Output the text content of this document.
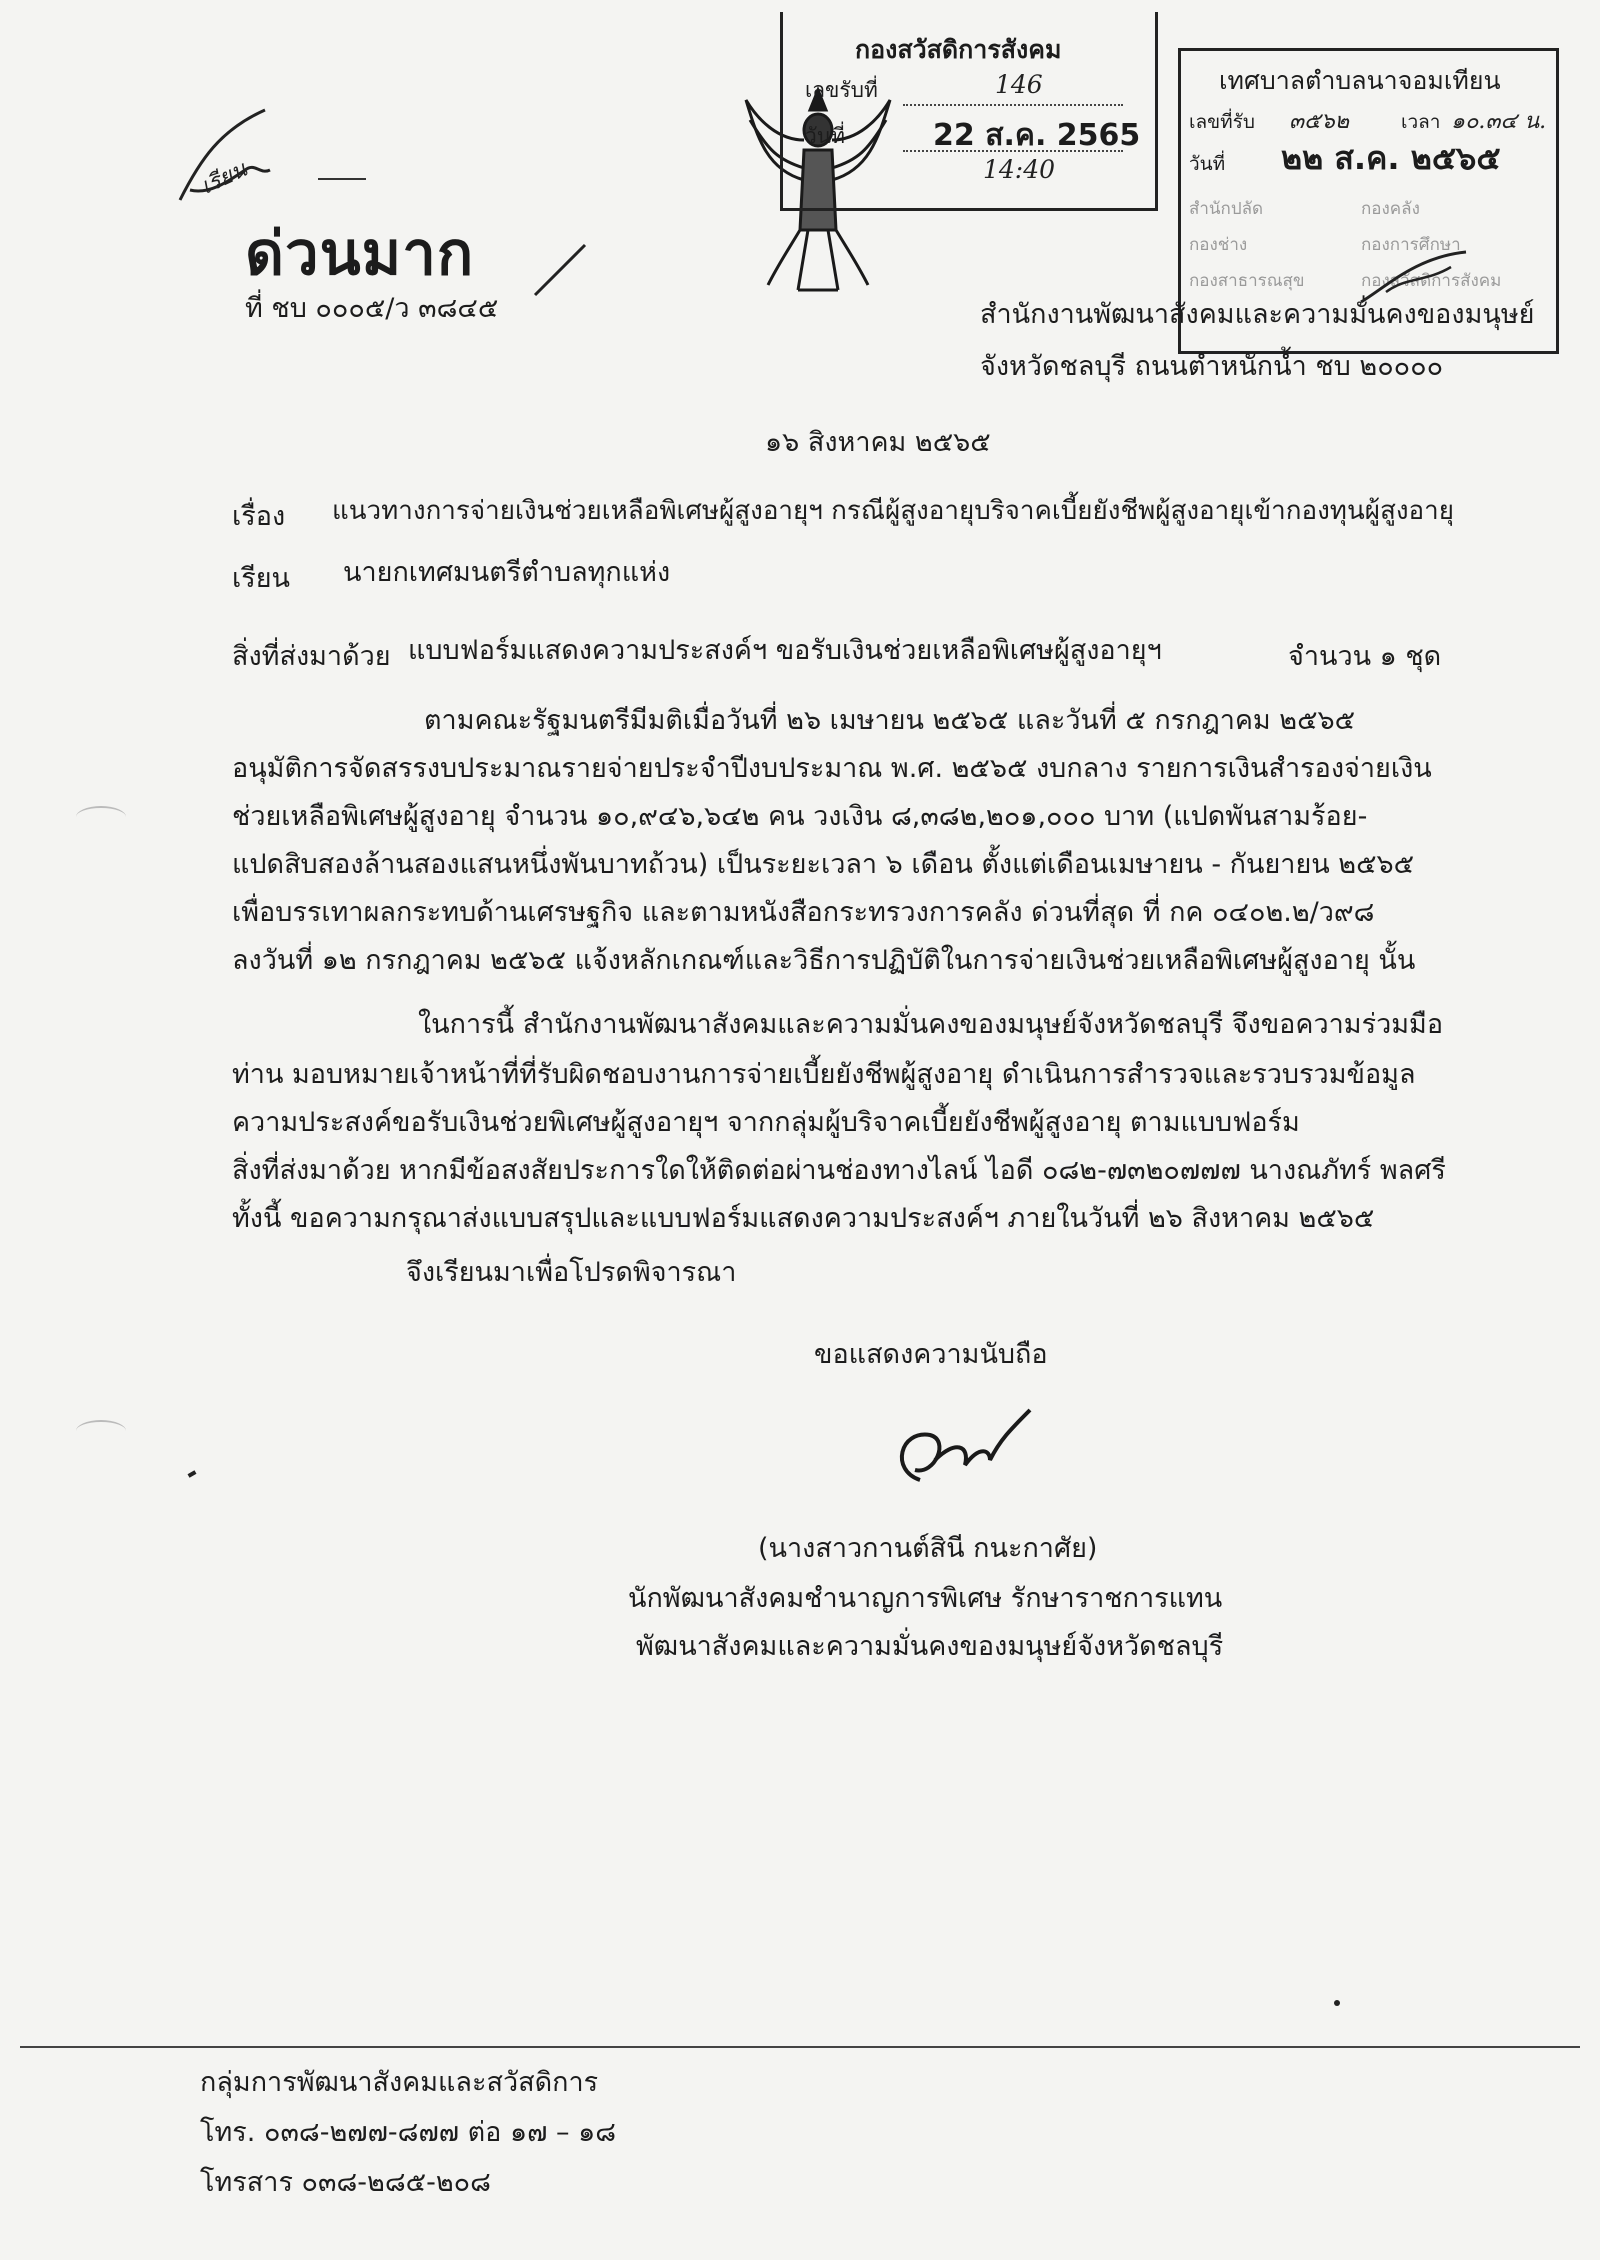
เรียน
ด่วนมาก
ที่ ชบ ๐๐๐๕/ว ๓๘๔๕
กองสวัสดิการสังคม
เลขรับที่	146
วันที่	22 ส.ค. 2565
14:40
เทศบาลตำบลนาจอมเทียน
เลขที่รับ ๓๕๖๒	เวลา ๑๐.๓๔ น.
วันที่ ๒๒ ส.ค. ๒๕๖๕
สำนักปลัด	กองคลัง
กองช่าง	กองการศึกษา
กองสาธารณสุข	กองสวัสดิการสังคม
สำนักงานพัฒนาสังคมและความมั่นคงของมนุษย์
จังหวัดชลบุรี ถนนตำหนักน้ำ ชบ ๒๐๐๐๐
๑๖ สิงหาคม ๒๕๖๕
เรื่อง แนวทางการจ่ายเงินช่วยเหลือพิเศษผู้สูงอายุฯ กรณีผู้สูงอายุบริจาคเบี้ยยังชีพผู้สูงอายุเข้ากองทุนผู้สูงอายุ
เรียน นายกเทศมนตรีตำบลทุกแห่ง
สิ่งที่ส่งมาด้วย แบบฟอร์มแสดงความประสงค์ฯ ขอรับเงินช่วยเหลือพิเศษผู้สูงอายุฯ	จำนวน ๑ ชุด
ตามคณะรัฐมนตรีมีมติเมื่อวันที่ ๒๖ เมษายน ๒๕๖๕ และวันที่ ๕ กรกฎาคม ๒๕๖๕
อนุมัติการจัดสรรงบประมาณรายจ่ายประจำปีงบประมาณ พ.ศ. ๒๕๖๕ งบกลาง รายการเงินสำรองจ่ายเงิน
ช่วยเหลือพิเศษผู้สูงอายุ จำนวน ๑๐,๙๔๖,๖๔๒ คน วงเงิน ๘,๓๘๒,๒๐๑,๐๐๐ บาท (แปดพันสามร้อย-
แปดสิบสองล้านสองแสนหนึ่งพันบาทถ้วน) เป็นระยะเวลา ๖ เดือน ตั้งแต่เดือนเมษายน - กันยายน ๒๕๖๕
เพื่อบรรเทาผลกระทบด้านเศรษฐกิจ และตามหนังสือกระทรวงการคลัง ด่วนที่สุด ที่ กค ๐๔๐๒.๒/ว๙๘
ลงวันที่ ๑๒ กรกฎาคม ๒๕๖๕ แจ้งหลักเกณฑ์และวิธีการปฏิบัติในการจ่ายเงินช่วยเหลือพิเศษผู้สูงอายุ นั้น
ในการนี้ สำนักงานพัฒนาสังคมและความมั่นคงของมนุษย์จังหวัดชลบุรี จึงขอความร่วมมือ
ท่าน มอบหมายเจ้าหน้าที่ที่รับผิดชอบงานการจ่ายเบี้ยยังชีพผู้สูงอายุ ดำเนินการสำรวจและรวบรวมข้อมูล
ความประสงค์ขอรับเงินช่วยพิเศษผู้สูงอายุฯ จากกลุ่มผู้บริจาคเบี้ยยังชีพผู้สูงอายุ ตามแบบฟอร์ม
สิ่งที่ส่งมาด้วย หากมีข้อสงสัยประการใดให้ติดต่อผ่านช่องทางไลน์ ไอดี ๐๘๒-๗๓๒๐๗๗๗ นางณภัทร์ พลศรี
ทั้งนี้ ขอความกรุณาส่งแบบสรุปและแบบฟอร์มแสดงความประสงค์ฯ ภายในวันที่ ๒๖ สิงหาคม ๒๕๖๕
จึงเรียนมาเพื่อโปรดพิจารณา
ขอแสดงความนับถือ
(นางสาวกานต์สินี กนะกาศัย)
นักพัฒนาสังคมชำนาญการพิเศษ รักษาราชการแทน
พัฒนาสังคมและความมั่นคงของมนุษย์จังหวัดชลบุรี
กลุ่มการพัฒนาสังคมและสวัสดิการ
โทร. ๐๓๘-๒๗๗-๘๗๗ ต่อ ๑๗ – ๑๘
โทรสาร ๐๓๘-๒๘๕-๒๐๘
